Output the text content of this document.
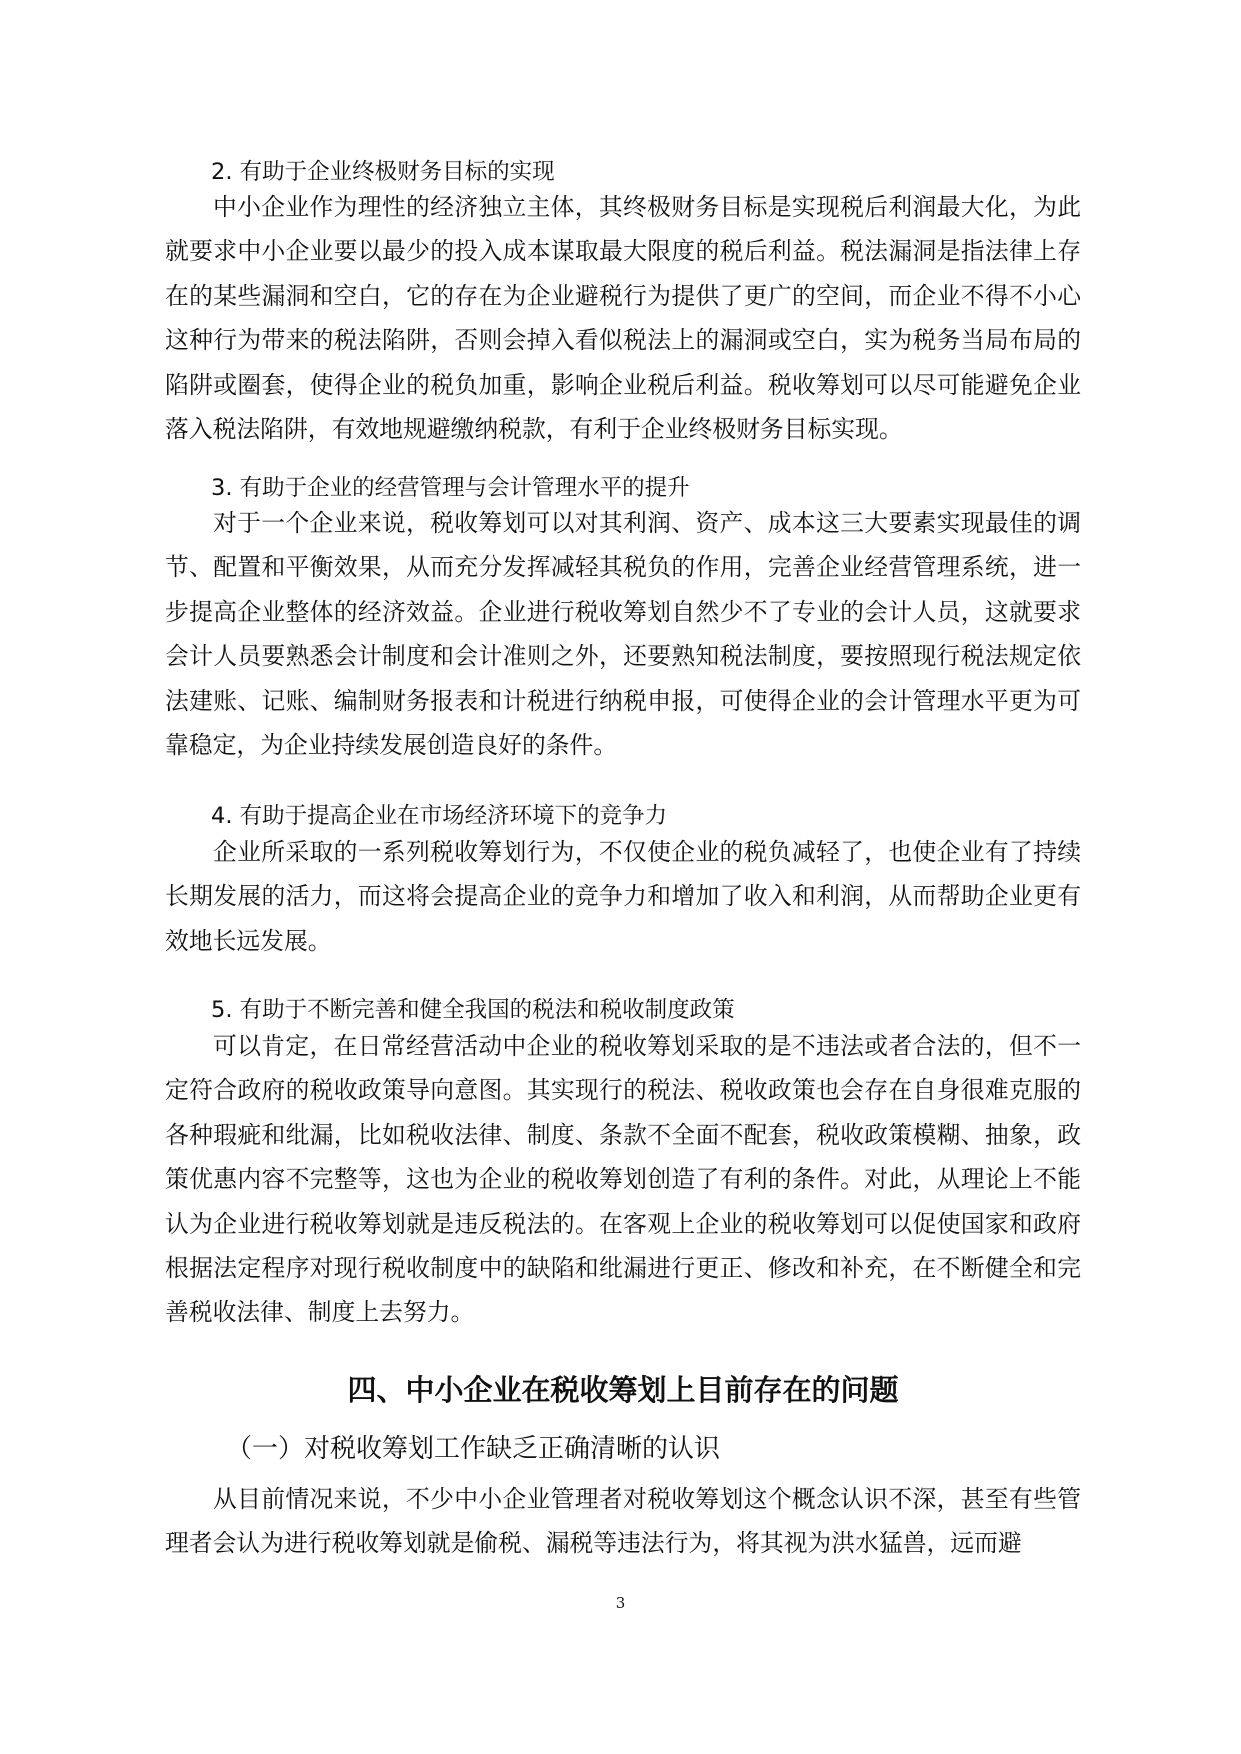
2. 有助于企业终极财务目标的实现
中小企业作为理性的经济独立主体，其终极财务目标是实现税后利润最大化，为此就要求中小企业要以最少的投入成本谋取最大限度的税后利益。税法漏洞是指法律上存在的某些漏洞和空白，它的存在为企业避税行为提供了更广的空间，而企业不得不小心这种行为带来的税法陷阱，否则会掉入看似税法上的漏洞或空白，实为税务当局布局的陷阱或圈套，使得企业的税负加重，影响企业税后利益。税收筹划可以尽可能避免企业落入税法陷阱，有效地规避缴纳税款，有利于企业终极财务目标实现。
3. 有助于企业的经营管理与会计管理水平的提升
对于一个企业来说，税收筹划可以对其利润、资产、成本这三大要素实现最佳的调节、配置和平衡效果，从而充分发挥减轻其税负的作用，完善企业经营管理系统，进一步提高企业整体的经济效益。企业进行税收筹划自然少不了专业的会计人员，这就要求会计人员要熟悉会计制度和会计准则之外，还要熟知税法制度，要按照现行税法规定依法建账、记账、编制财务报表和计税进行纳税申报，可使得企业的会计管理水平更为可靠稳定，为企业持续发展创造良好的条件。
4. 有助于提高企业在市场经济环境下的竞争力
企业所采取的一系列税收筹划行为，不仅使企业的税负减轻了，也使企业有了持续长期发展的活力，而这将会提高企业的竞争力和增加了收入和利润，从而帮助企业更有效地长远发展。
5. 有助于不断完善和健全我国的税法和税收制度政策
可以肯定，在日常经营活动中企业的税收筹划采取的是不违法或者合法的，但不一定符合政府的税收政策导向意图。其实现行的税法、税收政策也会存在自身很难克服的各种瑕疵和纰漏，比如税收法律、制度、条款不全面不配套，税收政策模糊、抽象，政策优惠内容不完整等，这也为企业的税收筹划创造了有利的条件。对此，从理论上不能认为企业进行税收筹划就是违反税法的。在客观上企业的税收筹划可以促使国家和政府根据法定程序对现行税收制度中的缺陷和纰漏进行更正、修改和补充，在不断健全和完善税收法律、制度上去努力。
四、中小企业在税收筹划上目前存在的问题
（一）对税收筹划工作缺乏正确清晰的认识
从目前情况来说，不少中小企业管理者对税收筹划这个概念认识不深，甚至有些管理者会认为进行税收筹划就是偷税、漏税等违法行为，将其视为洪水猛兽，远而避
3
